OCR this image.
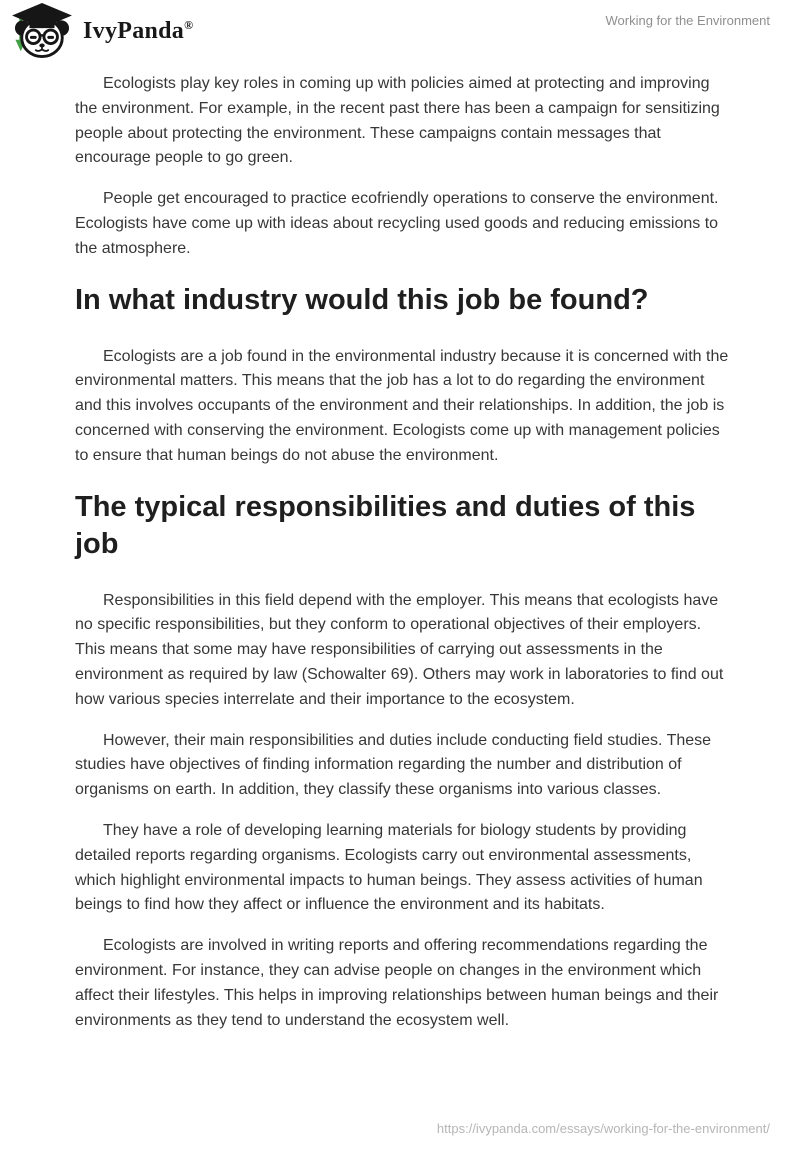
IvyPanda®	Working for the Environment

Ecologists play key roles in coming up with policies aimed at protecting and improving the environment. For example, in the recent past there has been a campaign for sensitizing people about protecting the environment. These campaigns contain messages that encourage people to go green.

People get encouraged to practice ecofriendly operations to conserve the environment. Ecologists have come up with ideas about recycling used goods and reducing emissions to the atmosphere.

In what industry would this job be found?

Ecologists are a job found in the environmental industry because it is concerned with the environmental matters. This means that the job has a lot to do regarding the environment and this involves occupants of the environment and their relationships. In addition, the job is concerned with conserving the environment. Ecologists come up with management policies to ensure that human beings do not abuse the environment.

The typical responsibilities and duties of this job

Responsibilities in this field depend with the employer. This means that ecologists have no specific responsibilities, but they conform to operational objectives of their employers. This means that some may have responsibilities of carrying out assessments in the environment as required by law (Schowalter 69). Others may work in laboratories to find out how various species interrelate and their importance to the ecosystem.

However, their main responsibilities and duties include conducting field studies. These studies have objectives of finding information regarding the number and distribution of organisms on earth. In addition, they classify these organisms into various classes.

They have a role of developing learning materials for biology students by providing detailed reports regarding organisms. Ecologists carry out environmental assessments, which highlight environmental impacts to human beings. They assess activities of human beings to find how they affect or influence the environment and its habitats.

Ecologists are involved in writing reports and offering recommendations regarding the environment. For instance, they can advise people on changes in the environment which affect their lifestyles. This helps in improving relationships between human beings and their environments as they tend to understand the ecosystem well.

https://ivypanda.com/essays/working-for-the-environment/
